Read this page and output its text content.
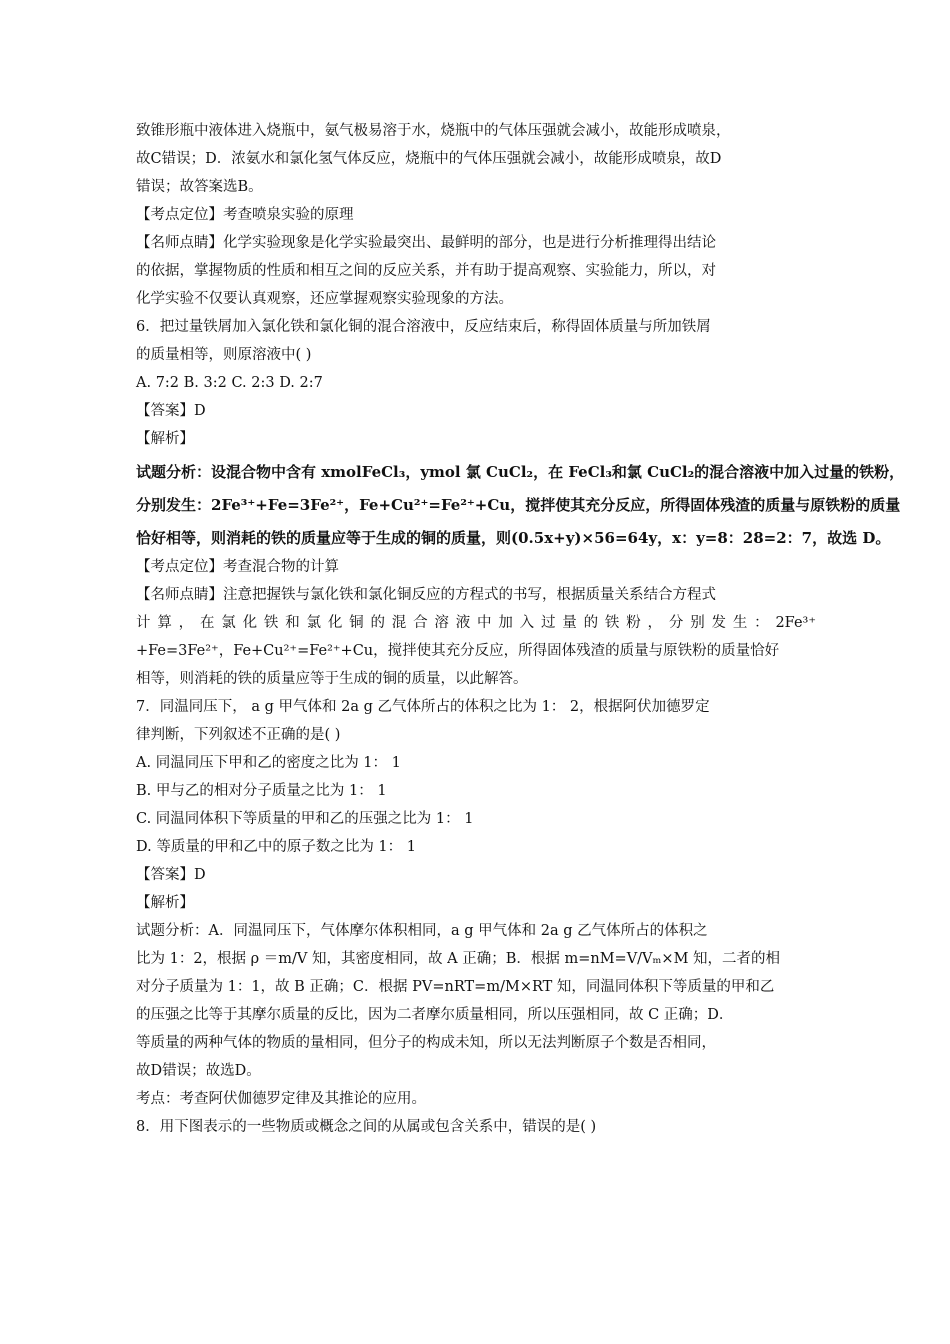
致锥形瓶中液体进入烧瓶中，氨气极易溶于水，烧瓶中的气体压强就会减小，故能形成喷泉，
故C错误；D．浓氨水和氯化氢气体反应，烧瓶中的气体压强就会减小，故能形成喷泉，故D
错误；故答案选B。
【考点定位】考查喷泉实验的原理
【名师点睛】化学实验现象是化学实验最突出、最鲜明的部分，也是进行分析推理得出结论
的依据，掌握物质的性质和相互之间的反应关系，并有助于提高观察、实验能力，所以，对
化学实验不仅要认真观察，还应掌握观察实验现象的方法。
6．把过量铁屑加入氯化铁和氯化铜的混合溶液中，反应结束后，称得固体质量与所加铁屑
的质量相等，则原溶液中( )
A. 7:2 B. 3:2 C. 2:3 D. 2:7
【答案】D
【解析】
试题分析：设混合物中含有 xmolFeCl₃，ymol 氯 CuCl₂，在 FeCl₃和氯 CuCl₂的混合溶液中加入过量的铁粉，
分别发生：2Fe³⁺+Fe=3Fe²⁺，Fe+Cu²⁺=Fe²⁺+Cu，搅拌使其充分反应，所得固体残渣的质量与原铁粉的质量
恰好相等，则消耗的铁的质量应等于生成的铜的质量，则(0.5x+y)×56=64y，x：y=8：28=2：7，故选 D。
【考点定位】考查混合物的计算
【名师点睛】注意把握铁与氯化铁和氯化铜反应的方程式的书写，根据质量关系结合方程式
计算，在氯化铁和氯化铜的混合溶液中加入过量的铁粉，分别发生：2Fe³⁺
+Fe=3Fe²⁺，Fe+Cu²⁺=Fe²⁺+Cu，搅拌使其充分反应，所得固体残渣的质量与原铁粉的质量恰好
相等，则消耗的铁的质量应等于生成的铜的质量，以此解答。
7．同温同压下， a g 甲气体和 2a g 乙气体所占的体积之比为 1： 2，根据阿伏加德罗定
律判断，下列叙述不正确的是( )
A. 同温同压下甲和乙的密度之比为 1： 1
B. 甲与乙的相对分子质量之比为 1： 1
C. 同温同体积下等质量的甲和乙的压强之比为 1： 1
D. 等质量的甲和乙中的原子数之比为 1： 1
【答案】D
【解析】
试题分析：A．同温同压下，气体摩尔体积相同，a g 甲气体和 2a g 乙气体所占的体积之
比为 1：2，根据 ρ ＝m/V 知，其密度相同，故 A 正确；B．根据 m=nM=V/Vₘ×M 知，二者的相
对分子质量为 1：1，故 B 正确；C．根据 PV=nRT=m/M×RT 知，同温同体积下等质量的甲和乙
的压强之比等于其摩尔质量的反比，因为二者摩尔质量相同，所以压强相同，故 C 正确；D．
等质量的两种气体的物质的量相同，但分子的构成未知，所以无法判断原子个数是否相同，
故D错误；故选D。
考点：考查阿伏伽德罗定律及其推论的应用。
8．用下图表示的一些物质或概念之间的从属或包含关系中，错误的是( )
